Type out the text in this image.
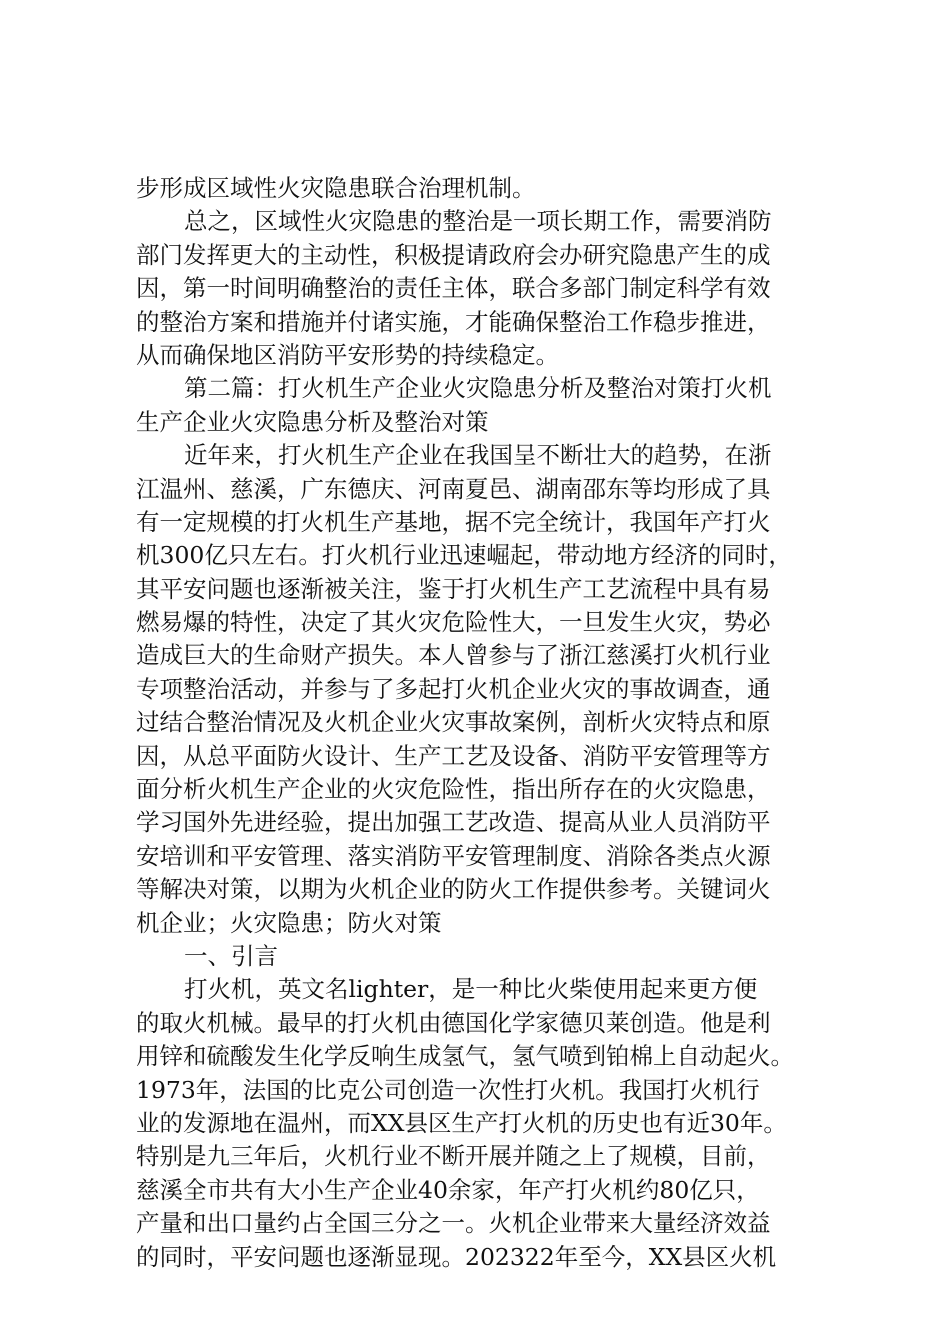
步形成区域性火灾隐患联合治理机制。
总之，区域性火灾隐患的整治是一项长期工作，需要消防
部门发挥更大的主动性，积极提请政府会办研究隐患产生的成
因，第一时间明确整治的责任主体，联合多部门制定科学有效
的整治方案和措施并付诸实施，才能确保整治工作稳步推进，
从而确保地区消防平安形势的持续稳定。
第二篇：打火机生产企业火灾隐患分析及整治对策打火机
生产企业火灾隐患分析及整治对策
近年来，打火机生产企业在我国呈不断壮大的趋势，在浙
江温州、慈溪，广东德庆、河南夏邑、湖南邵东等均形成了具
有一定规模的打火机生产基地，据不完全统计，我国年产打火
机300亿只左右。打火机行业迅速崛起，带动地方经济的同时，
其平安问题也逐渐被关注，鉴于打火机生产工艺流程中具有易
燃易爆的特性，决定了其火灾危险性大，一旦发生火灾，势必
造成巨大的生命财产损失。本人曾参与了浙江慈溪打火机行业
专项整治活动，并参与了多起打火机企业火灾的事故调查，通
过结合整治情况及火机企业火灾事故案例，剖析火灾特点和原
因，从总平面防火设计、生产工艺及设备、消防平安管理等方
面分析火机生产企业的火灾危险性，指出所存在的火灾隐患，
学习国外先进经验，提出加强工艺改造、提高从业人员消防平
安培训和平安管理、落实消防平安管理制度、消除各类点火源
等解决对策，以期为火机企业的防火工作提供参考。关键词火
机企业；火灾隐患；防火对策
一、引言
打火机，英文名lighter，是一种比火柴使用起来更方便
的取火机械。最早的打火机由德国化学家德贝莱创造。他是利
用锌和硫酸发生化学反响生成氢气，氢气喷到铂棉上自动起火。
1973年，法国的比克公司创造一次性打火机。我国打火机行
业的发源地在温州，而XX县区生产打火机的历史也有近30年。
特别是九三年后，火机行业不断开展并随之上了规模，目前，
慈溪全市共有大小生产企业40余家，年产打火机约80亿只，
产量和出口量约占全国三分之一。火机企业带来大量经济效益
的同时，平安问题也逐渐显现。202322年至今，XX县区火机
